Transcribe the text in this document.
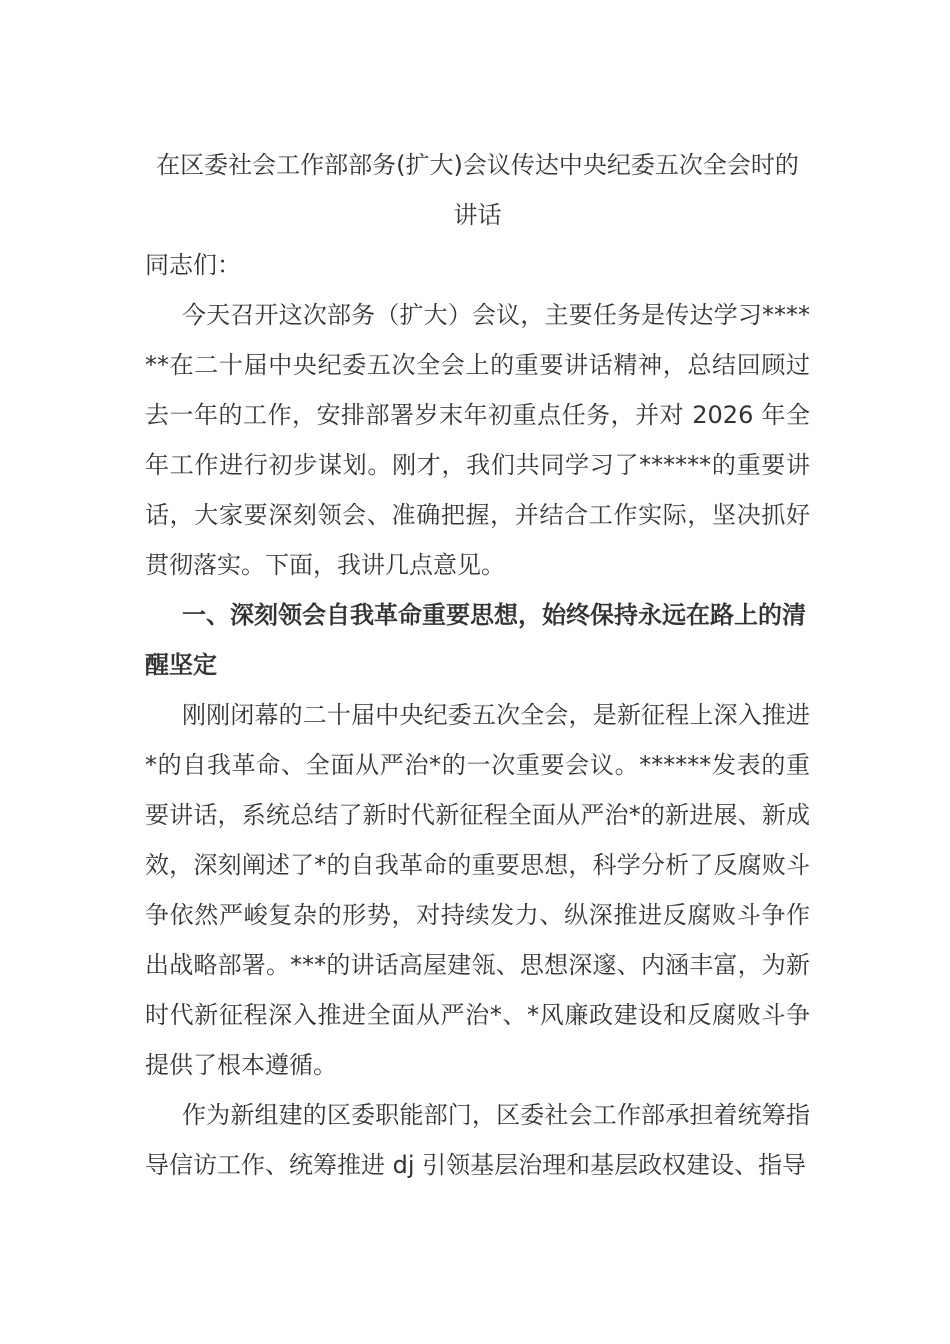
在区委社会工作部部务(扩大)会议传达中央纪委五次全会时的讲话

同志们：

今天召开这次部务（扩大）会议，主要任务是传达学习******在二十届中央纪委五次全会上的重要讲话精神，总结回顾过去一年的工作，安排部署岁末年初重点任务，并对 2026 年全年工作进行初步谋划。刚才，我们共同学习了******的重要讲话，大家要深刻领会、准确把握，并结合工作实际，坚决抓好贯彻落实。下面，我讲几点意见。

一、深刻领会自我革命重要思想，始终保持永远在路上的清醒坚定

刚刚闭幕的二十届中央纪委五次全会，是新征程上深入推进*的自我革命、全面从严治*的一次重要会议。******发表的重要讲话，系统总结了新时代新征程全面从严治*的新进展、新成效，深刻阐述了*的自我革命的重要思想，科学分析了反腐败斗争依然严峻复杂的形势，对持续发力、纵深推进反腐败斗争作出战略部署。***的讲话高屋建瓴、思想深邃、内涵丰富，为新时代新征程深入推进全面从严治*、*风廉政建设和反腐败斗争提供了根本遵循。

作为新组建的区委职能部门，区委社会工作部承担着统筹指导信访工作、统筹推进 dj 引领基层治理和基层政权建设、指导
